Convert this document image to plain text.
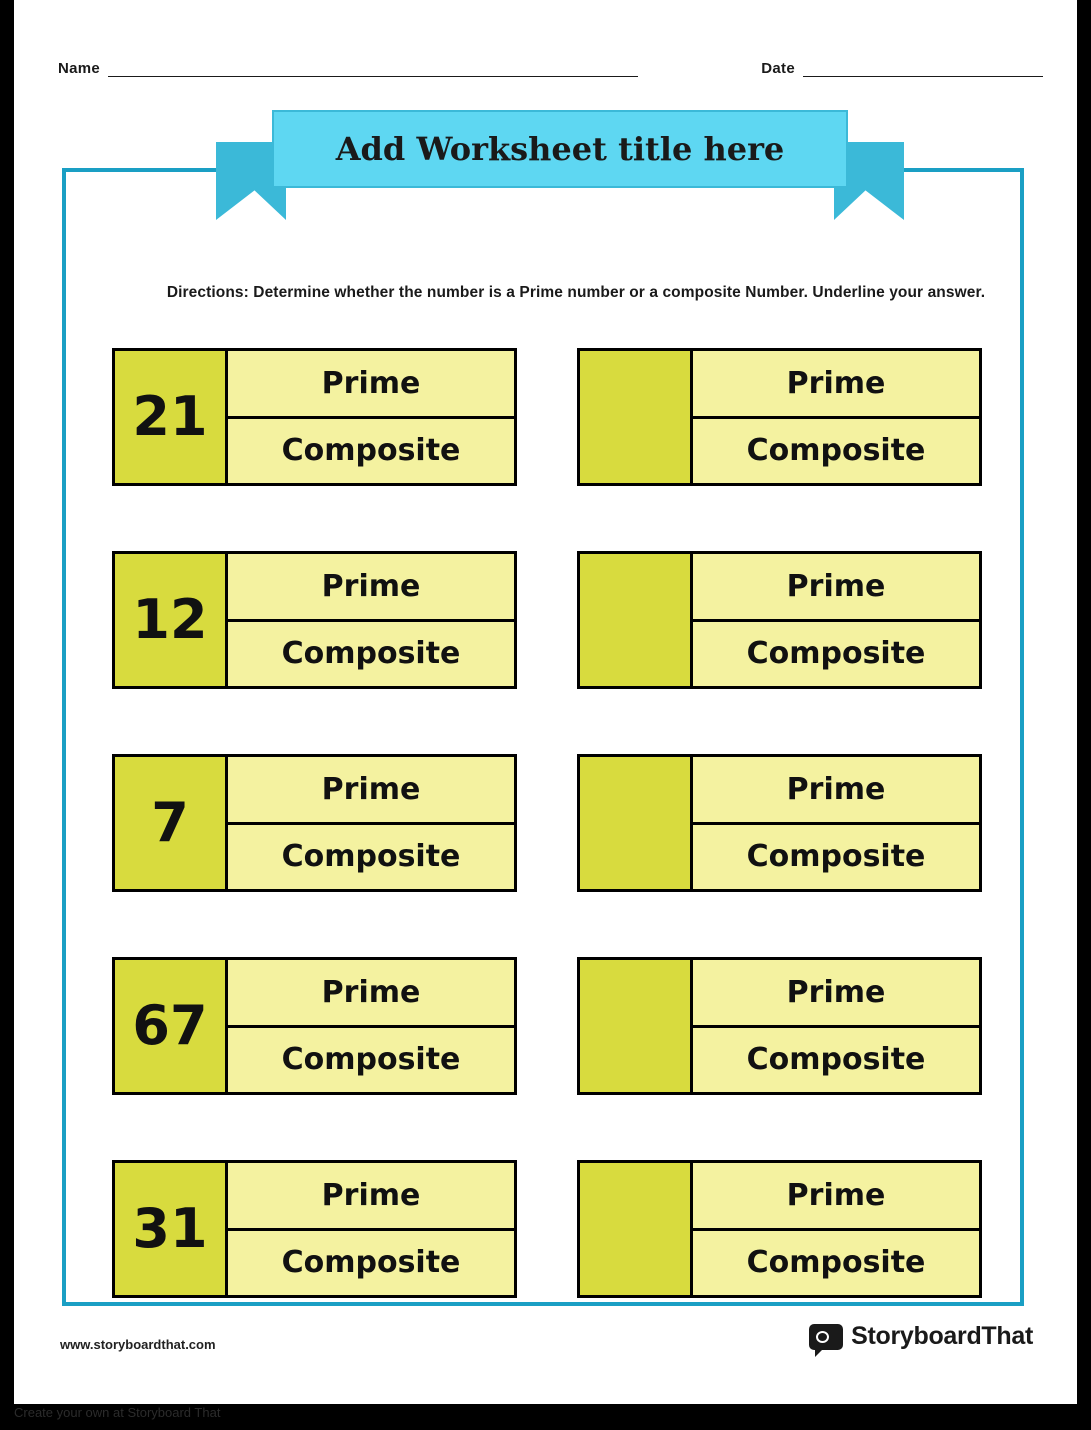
Name	Date
Directions: Determine whether the number is a Prime number or a composite Number. Underline your answer.
21
Prime
Composite
Prime
Composite
12
Prime
Composite
Prime
Composite
7
Prime
Composite
Prime
Composite
67
Prime
Composite
Prime
Composite
31
Prime
Composite
Prime
Composite
Add Worksheet title here
www.storyboardthat.com	StoryboardThat
Create your own at Storyboard That
